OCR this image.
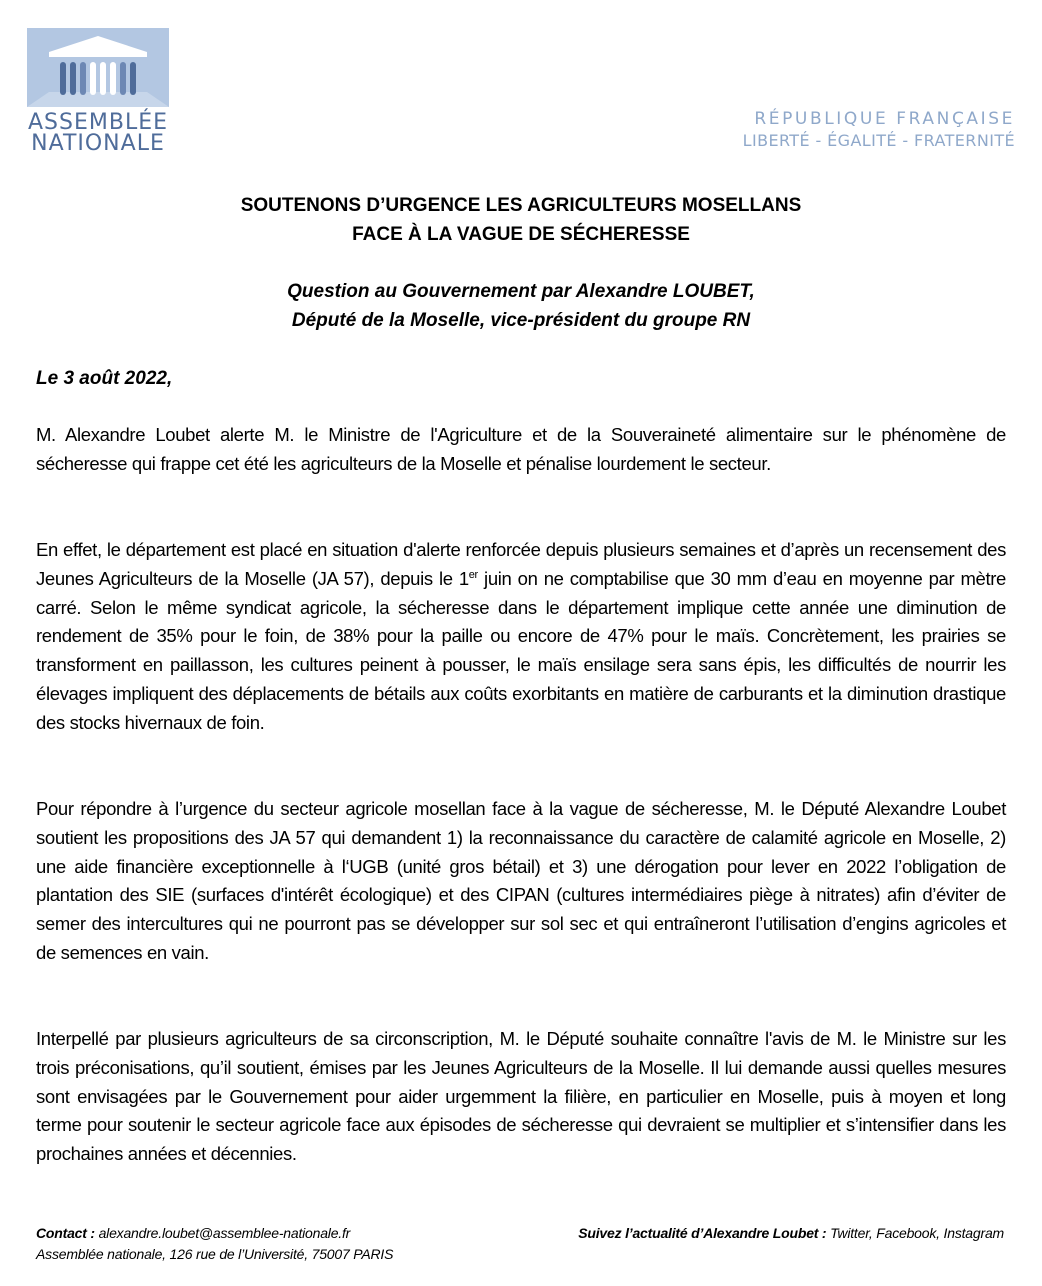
ASSEMBLÉE
NATIONALE
RÉPUBLIQUE FRANÇAISE
LIBERTÉ - ÉGALITÉ - FRATERNITÉ
SOUTENONS D’URGENCE LES AGRICULTEURS MOSELLANS
FACE À LA VAGUE DE SÉCHERESSE
Question au Gouvernement par Alexandre LOUBET,
Député de la Moselle, vice-président du groupe RN
Le 3 août 2022,
M. Alexandre Loubet alerte M. le Ministre de l'Agriculture et de la Souveraineté alimentaire sur le phénomène de sécheresse qui frappe cet été les agriculteurs de la Moselle et pénalise lourdement le secteur.
En effet, le département est placé en situation d'alerte renforcée depuis plusieurs semaines et d’après un recensement des Jeunes Agriculteurs de la Moselle (JA 57), depuis le 1er juin on ne comptabilise que 30 mm d’eau en moyenne par mètre carré. Selon le même syndicat agricole, la sécheresse dans le département implique cette année une diminution de rendement de 35% pour le foin, de 38% pour la paille ou encore de 47% pour le maïs. Concrètement, les prairies se transforment en paillasson, les cultures peinent à pousser, le maïs ensilage sera sans épis, les difficultés de nourrir les élevages impliquent des déplacements de bétails aux coûts exorbitants en matière de carburants et la diminution drastique des stocks hivernaux de foin.
Pour répondre à l’urgence du secteur agricole mosellan face à la vague de sécheresse, M. le Député Alexandre Loubet soutient les propositions des JA 57 qui demandent 1) la reconnaissance du caractère de calamité agricole en Moselle, 2) une aide financière exceptionnelle à l‘UGB (unité gros bétail) et 3) une dérogation pour lever en 2022 l’obligation de plantation des SIE (surfaces d'intérêt écologique) et des CIPAN (cultures intermédiaires piège à nitrates) afin d’éviter de semer des intercultures qui ne pourront pas se développer sur sol sec et qui entraîneront l’utilisation d’engins agricoles et de semences en vain.
Interpellé par plusieurs agriculteurs de sa circonscription, M. le Député souhaite connaître l'avis de M. le Ministre sur les trois préconisations, qu’il soutient, émises par les Jeunes Agriculteurs de la Moselle. Il lui demande aussi quelles mesures sont envisagées par le Gouvernement pour aider urgemment la filière, en particulier en Moselle, puis à moyen et long terme pour soutenir le secteur agricole face aux épisodes de sécheresse qui devraient se multiplier et s’intensifier dans les prochaines années et décennies.
Contact : alexandre.loubet@assemblee-nationale.fr
Assemblée nationale, 126 rue de l’Université, 75007 PARIS
Suivez l’actualité d’Alexandre Loubet : Twitter, Facebook, Instagram
